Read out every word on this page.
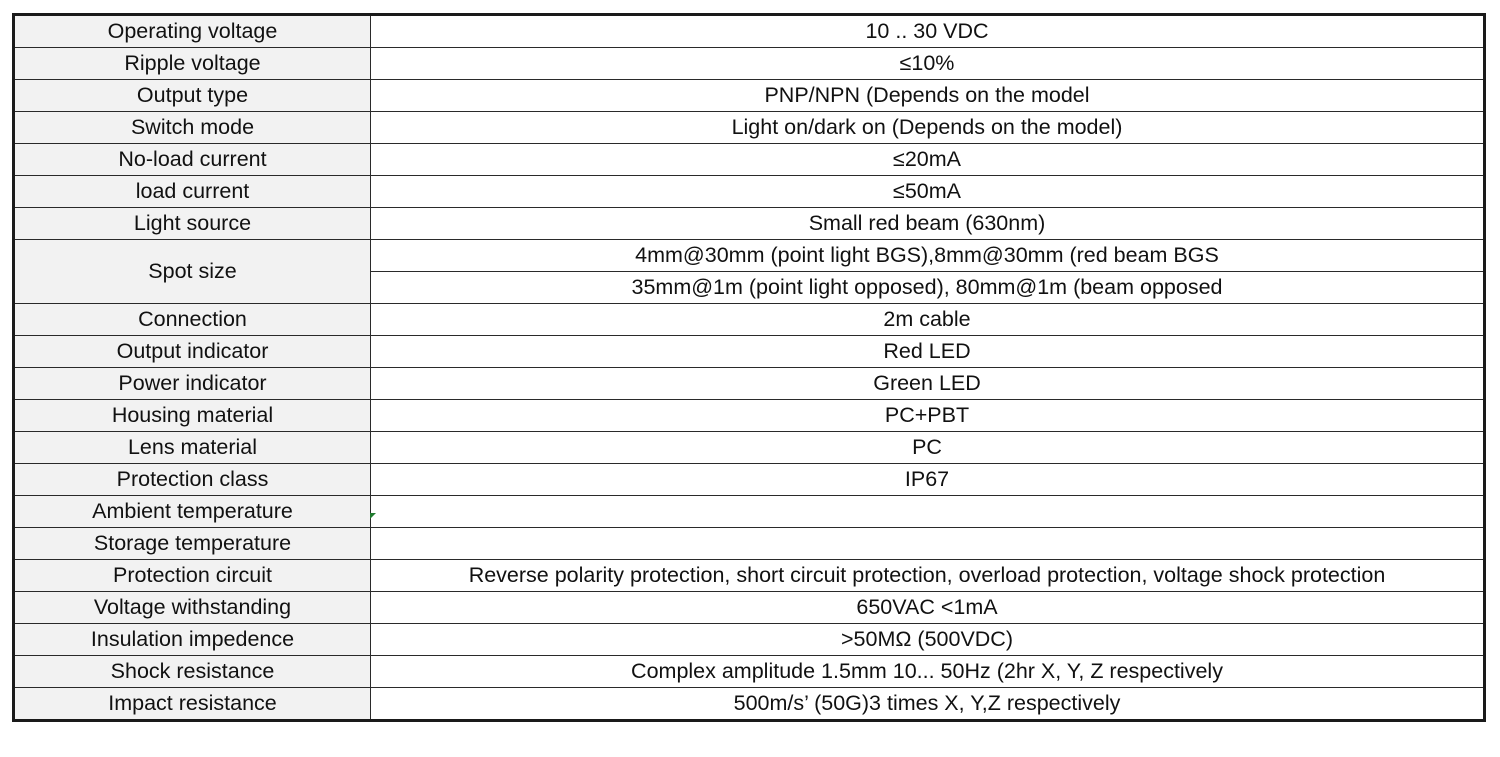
Operating voltage	10 .. 30 VDC
Ripple voltage	≤10%
Output type	PNP/NPN (Depends on the model
Switch mode	Light on/dark on (Depends on the model)
No-load current	≤20mA
load current	≤50mA
Light source	Small red beam (630nm)
Spot size	4mm@30mm (point light BGS),8mm@30mm (red beam BGS
	35mm@1m (point light opposed), 80mm@1m (beam opposed
Connection	2m cable
Output indicator	Red LED
Power indicator	Green LED
Housing material	PC+PBT
Lens material	PC
Protection class	IP67
Ambient temperature	
Storage temperature	
Protection circuit	Reverse polarity protection, short circuit protection, overload protection, voltage shock protection
Voltage withstanding	650VAC <1mA
Insulation impedence	>50MΩ (500VDC)
Shock resistance	Complex amplitude 1.5mm 10... 50Hz (2hr X, Y, Z respectively
Impact resistance	500m/s’ (50G)3 times X, Y,Z respectively
